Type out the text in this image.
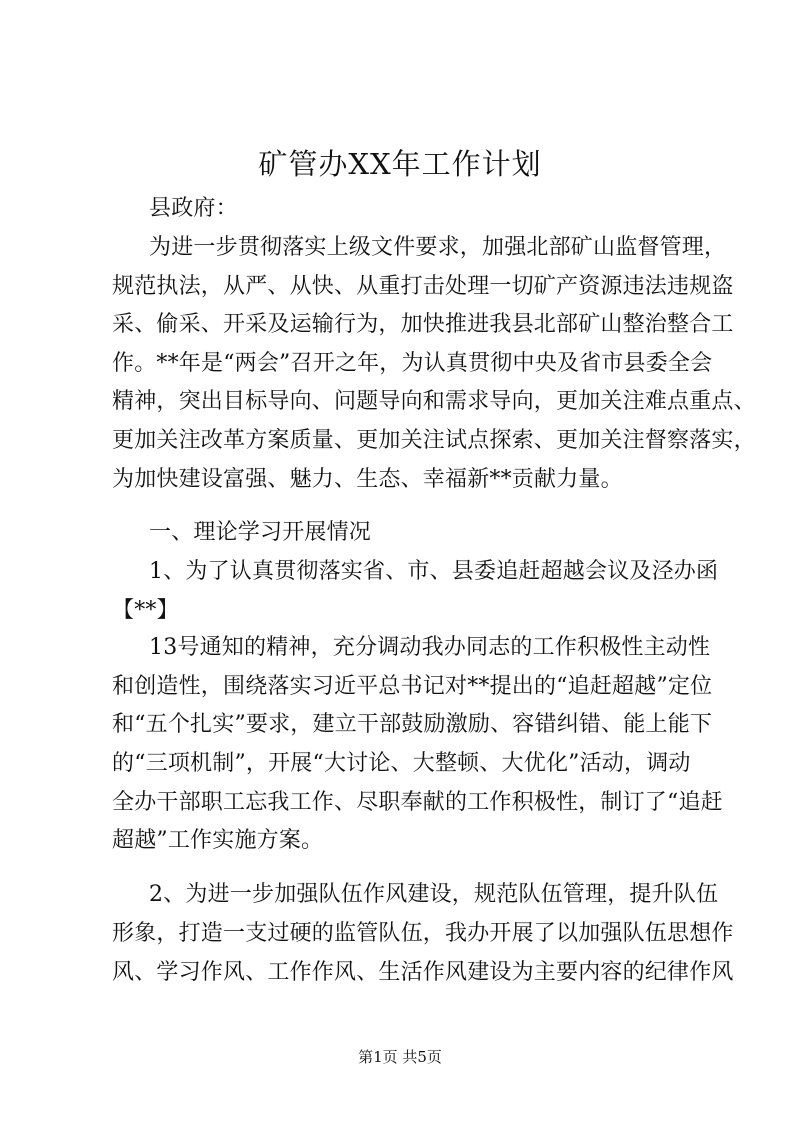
矿管办XX年工作计划
县政府：
为进一步贯彻落实上级文件要求，加强北部矿山监督管理，
规范执法，从严、从快、从重打击处理一切矿产资源违法违规盗
采、偷采、开采及运输行为，加快推进我县北部矿山整治整合工
作。**年是“两会”召开之年，为认真贯彻中央及省市县委全会
精神，突出目标导向、问题导向和需求导向，更加关注难点重点、
更加关注改革方案质量、更加关注试点探索、更加关注督察落实，
为加快建设富强、魅力、生态、幸福新**贡献力量。
一、理论学习开展情况
1、为了认真贯彻落实省、市、县委追赶超越会议及泾办函
【**】
13号通知的精神，充分调动我办同志的工作积极性主动性
和创造性，围绕落实习近平总书记对**提出的“追赶超越”定位
和“五个扎实”要求，建立干部鼓励激励、容错纠错、能上能下
的“三项机制”，开展“大讨论、大整顿、大优化”活动，调动
全办干部职工忘我工作、尽职奉献的工作积极性，制订了“追赶
超越”工作实施方案。
2、为进一步加强队伍作风建设，规范队伍管理，提升队伍
形象，打造一支过硬的监管队伍，我办开展了以加强队伍思想作
风、学习作风、工作作风、生活作风建设为主要内容的纪律作风
第1页 共5页
